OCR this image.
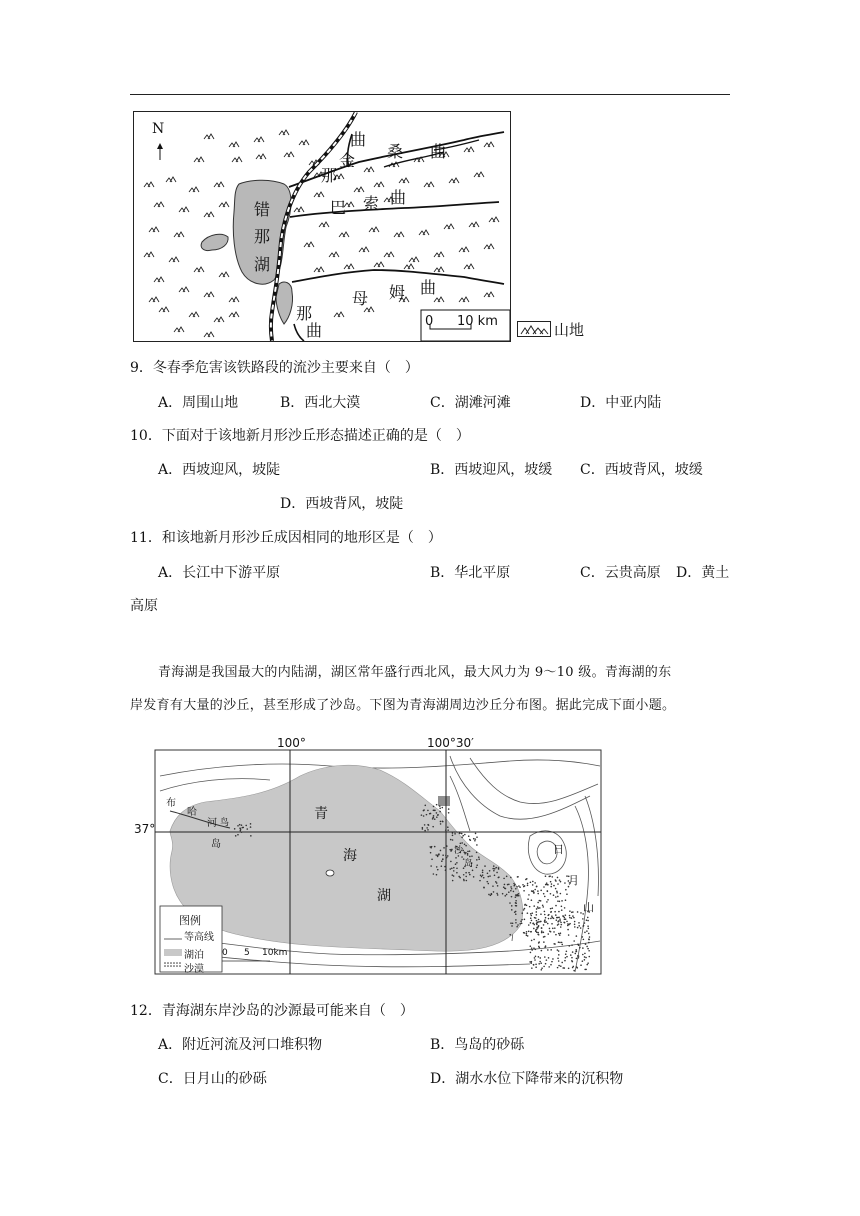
N
曲
金 桑 曲
那
巴 索 曲
错
那
湖
母 姆 曲
那
曲	0 10 km	山地
9．冬春季危害该铁路段的流沙主要来自（　）
A．周围山地	B．西北大漠	C．湖滩河滩	D．中亚内陆
10．下面对于该地新月形沙丘形态描述正确的是（　）
A．西坡迎风，坡陡	B．西坡迎风，坡缓 C．西坡背风，坡缓
D．西坡背风，坡陡
11．和该地新月形沙丘成因相同的地形区是（　）
A．长江中下游平原	B．华北平原	C．云贵高原 D．黄土
高原
青海湖是我国最大的内陆湖，湖区常年盛行西北风，最大风力为 9～10 级。青海湖的东
岸发育有大量的沙丘，甚至形成了沙岛。下图为青海湖周边沙丘分布图。据此完成下面小题。
100°	100°30′
37°
青
海
湖
布
哈
河 鸟
岛
沙
岛
日
月
山
图例
等高线
湖泊
沙漠
0 5 10km
12．青海湖东岸沙岛的沙源最可能来自（　）
A．附近河流及河口堆积物	B．鸟岛的砂砾
C．日月山的砂砾	D．湖水水位下降带来的沉积物
